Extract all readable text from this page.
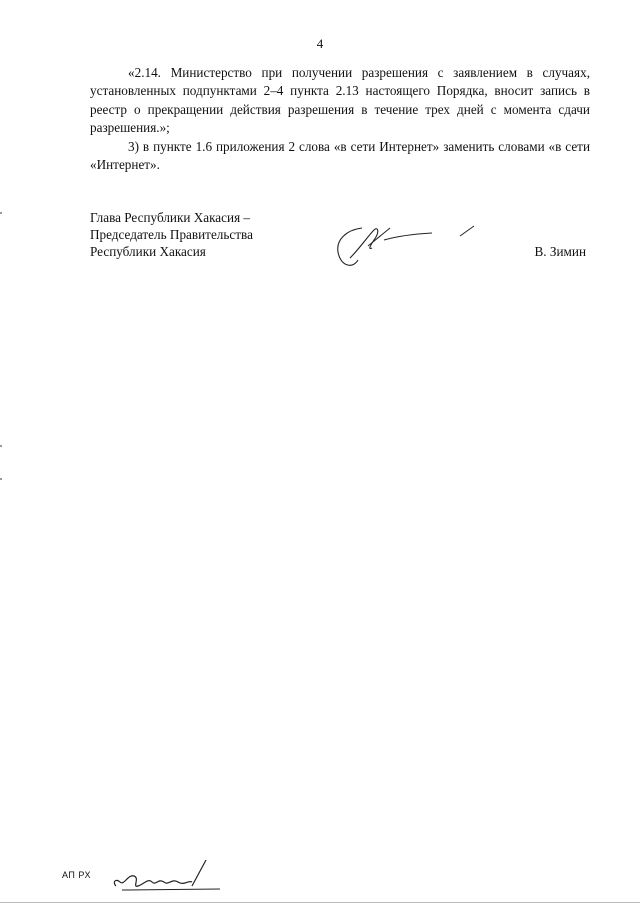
4

«2.14. Министерство при получении разрешения с заявлением в случаях, установленных подпунктами 2–4 пункта 2.13 настоящего Порядка, вносит запись в реестр о прекращении действия разрешения в течение трех дней с момента сдачи разрешения.»;

3) в пункте 1.6 приложения 2 слова «в сети Интернет» заменить словами «в сети «Интернет».

Глава Республики Хакасия –
Председатель Правительства
Республики Хакасия	В. Зимин
АП РХ
